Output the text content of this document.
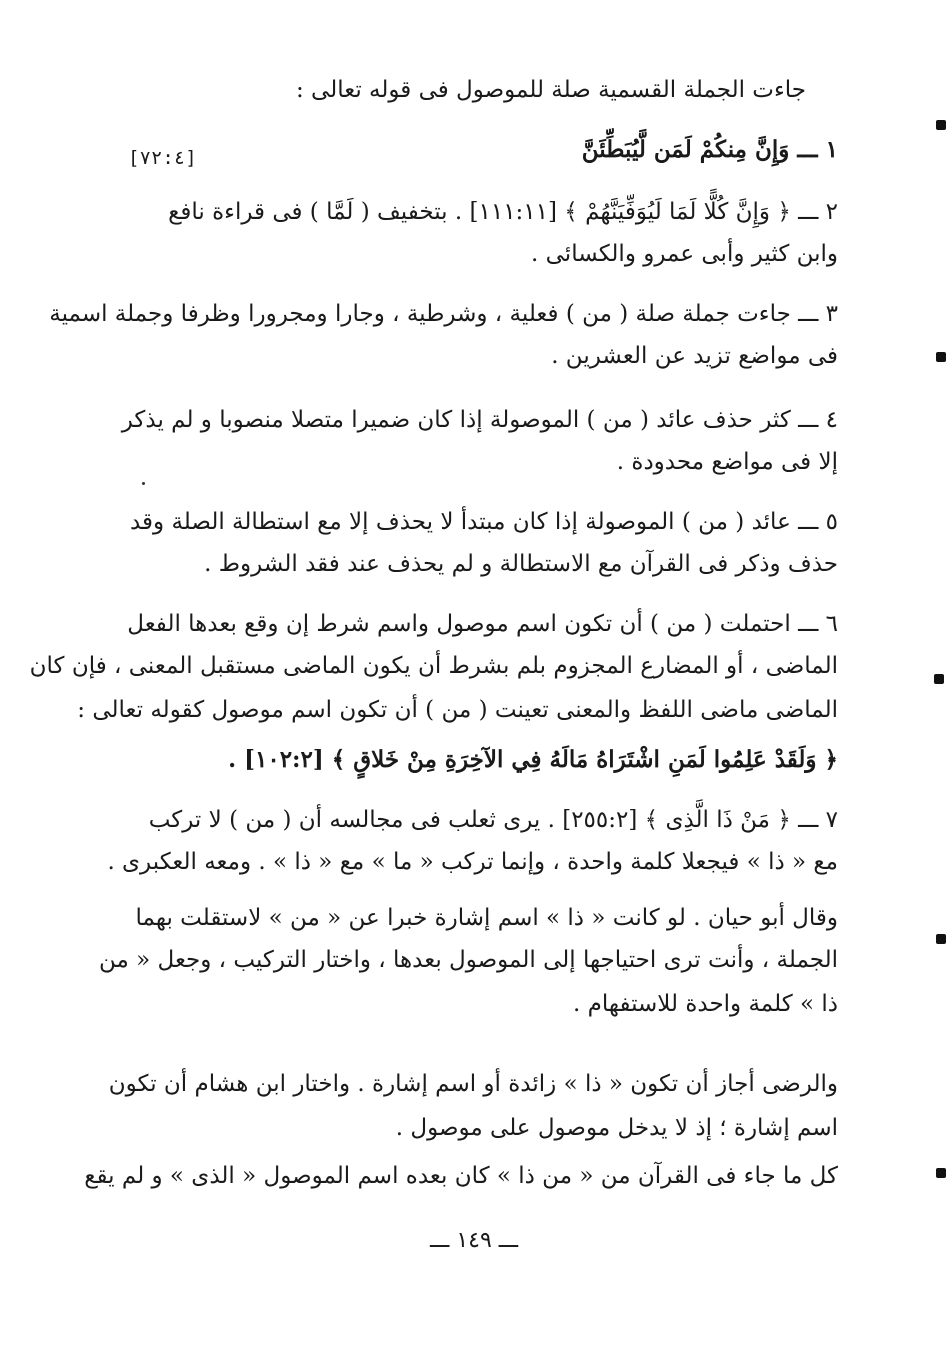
جاءت الجملة القسمية صلة للموصول فى قوله تعالى :
١ ـــ وَإِنَّ مِنكُمْ لَمَن لَّيُبَطِّئَنَّ
[٧٢:٤]
٢ ـــ ﴿ وَإِنَّ كُلًّا لَمَا لَيُوَفِّيَنَّهُمْ ﴾ [١١١:١١] . بتخفيف ( لَمَّا ) فى قراءة نافع
وابن كثير وأبى عمرو والكسائى .
٣ ـــ جاءت جملة صلة ( من ) فعلية ، وشرطية ، وجارا ومجرورا وظرفا وجملة اسمية
فى مواضع تزيد عن العشرين .
٤ ـــ كثر حذف عائد ( من ) الموصولة إذا كان ضميرا متصلا منصوبا و لم يذكر
إلا فى مواضع محدودة .
٥ ـــ عائد ( من ) الموصولة إذا كان مبتدأ لا يحذف إلا مع استطالة الصلة وقد
حذف وذكر فى القرآن مع الاستطالة و لم يحذف عند فقد الشروط .
٦ ـــ احتملت ( من ) أن تكون اسم موصول واسم شرط إن وقع بعدها الفعل
الماضى ، أو المضارع المجزوم بلم بشرط أن يكون الماضى مستقبل المعنى ، فإن كان
الماضى ماضى اللفظ والمعنى تعينت ( من ) أن تكون اسم موصول كقوله تعالى :
﴿ وَلَقَدْ عَلِمُوا لَمَنِ اشْتَرَاهُ مَالَهُ فِي الآخِرَةِ مِنْ خَلاقٍ ﴾ [١٠٢:٢] .
٧ ـــ ﴿ مَنْ ذَا الَّذِى ﴾ [٢٥٥:٢] . يرى ثعلب فى مجالسه أن ( من ) لا تركب
مع « ذا » فيجعلا كلمة واحدة ، وإنما تركب « ما » مع « ذا » . ومعه العكبرى .
وقال أبو حيان . لو كانت « ذا » اسم إشارة خبرا عن « من » لاستقلت بهما
الجملة ، وأنت ترى احتياجها إلى الموصول بعدها ، واختار التركيب ، وجعل « من
ذا » كلمة واحدة للاستفهام .
والرضى أجاز أن تكون « ذا » زائدة أو اسم إشارة . واختار ابن هشام أن تكون
اسم إشارة ؛ إذ لا يدخل موصول على موصول .
كل ما جاء فى القرآن من « من ذا » كان بعده اسم الموصول « الذى » و لم يقع
ـــ ١٤٩ ـــ
